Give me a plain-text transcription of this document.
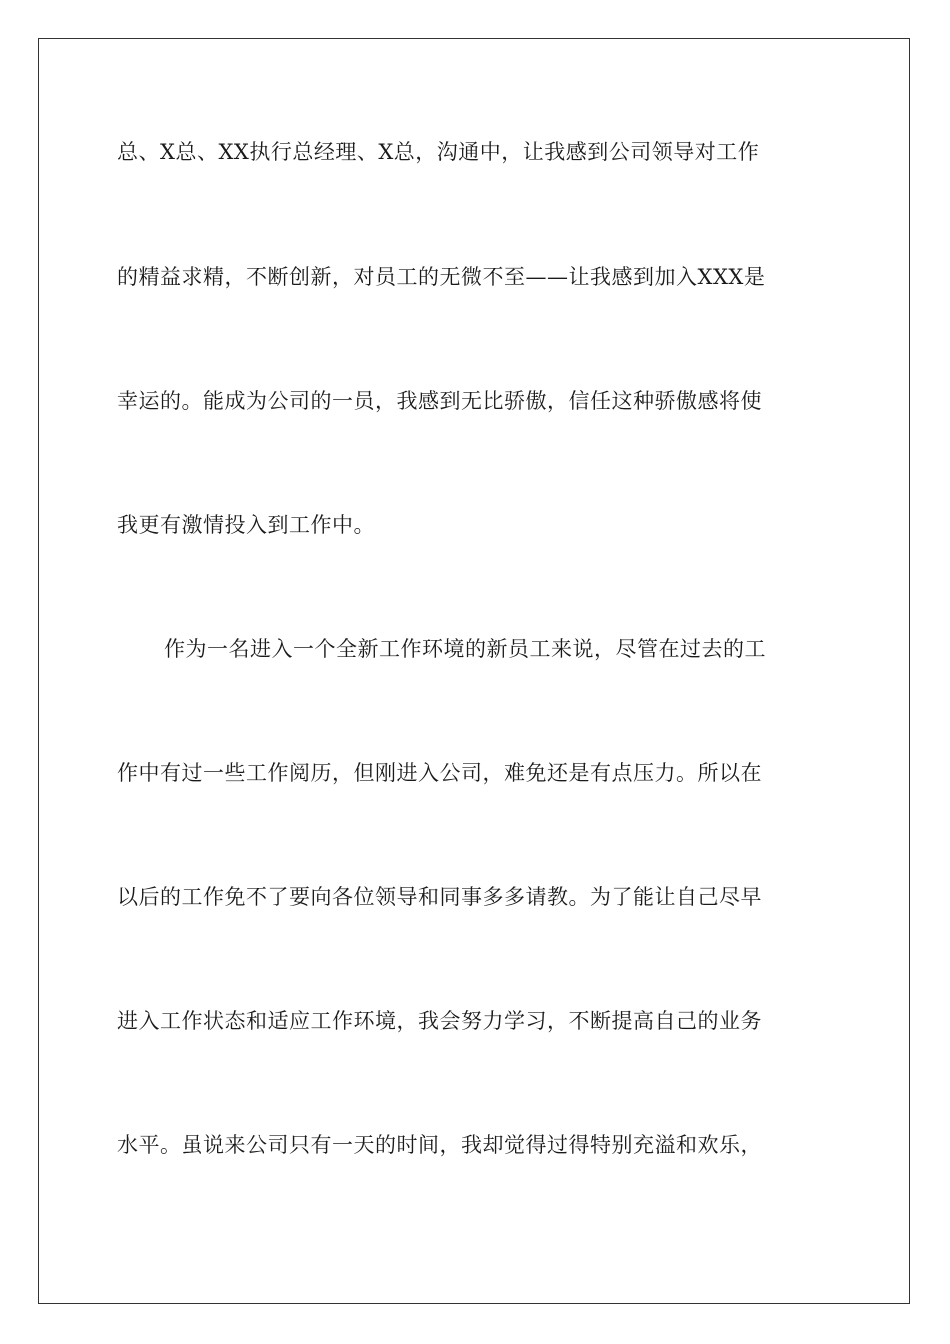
总、X总、XX执行总经理、X总，沟通中，让我感到公司领导对工作
的精益求精，不断创新，对员工的无微不至——让我感到加入XXX是
幸运的。能成为公司的一员，我感到无比骄傲，信任这种骄傲感将使
我更有激情投入到工作中。
作为一名进入一个全新工作环境的新员工来说，尽管在过去的工
作中有过一些工作阅历，但刚进入公司，难免还是有点压力。所以在
以后的工作免不了要向各位领导和同事多多请教。为了能让自己尽早
进入工作状态和适应工作环境，我会努力学习，不断提高自己的业务
水平。虽说来公司只有一天的时间，我却觉得过得特别充溢和欢乐，
